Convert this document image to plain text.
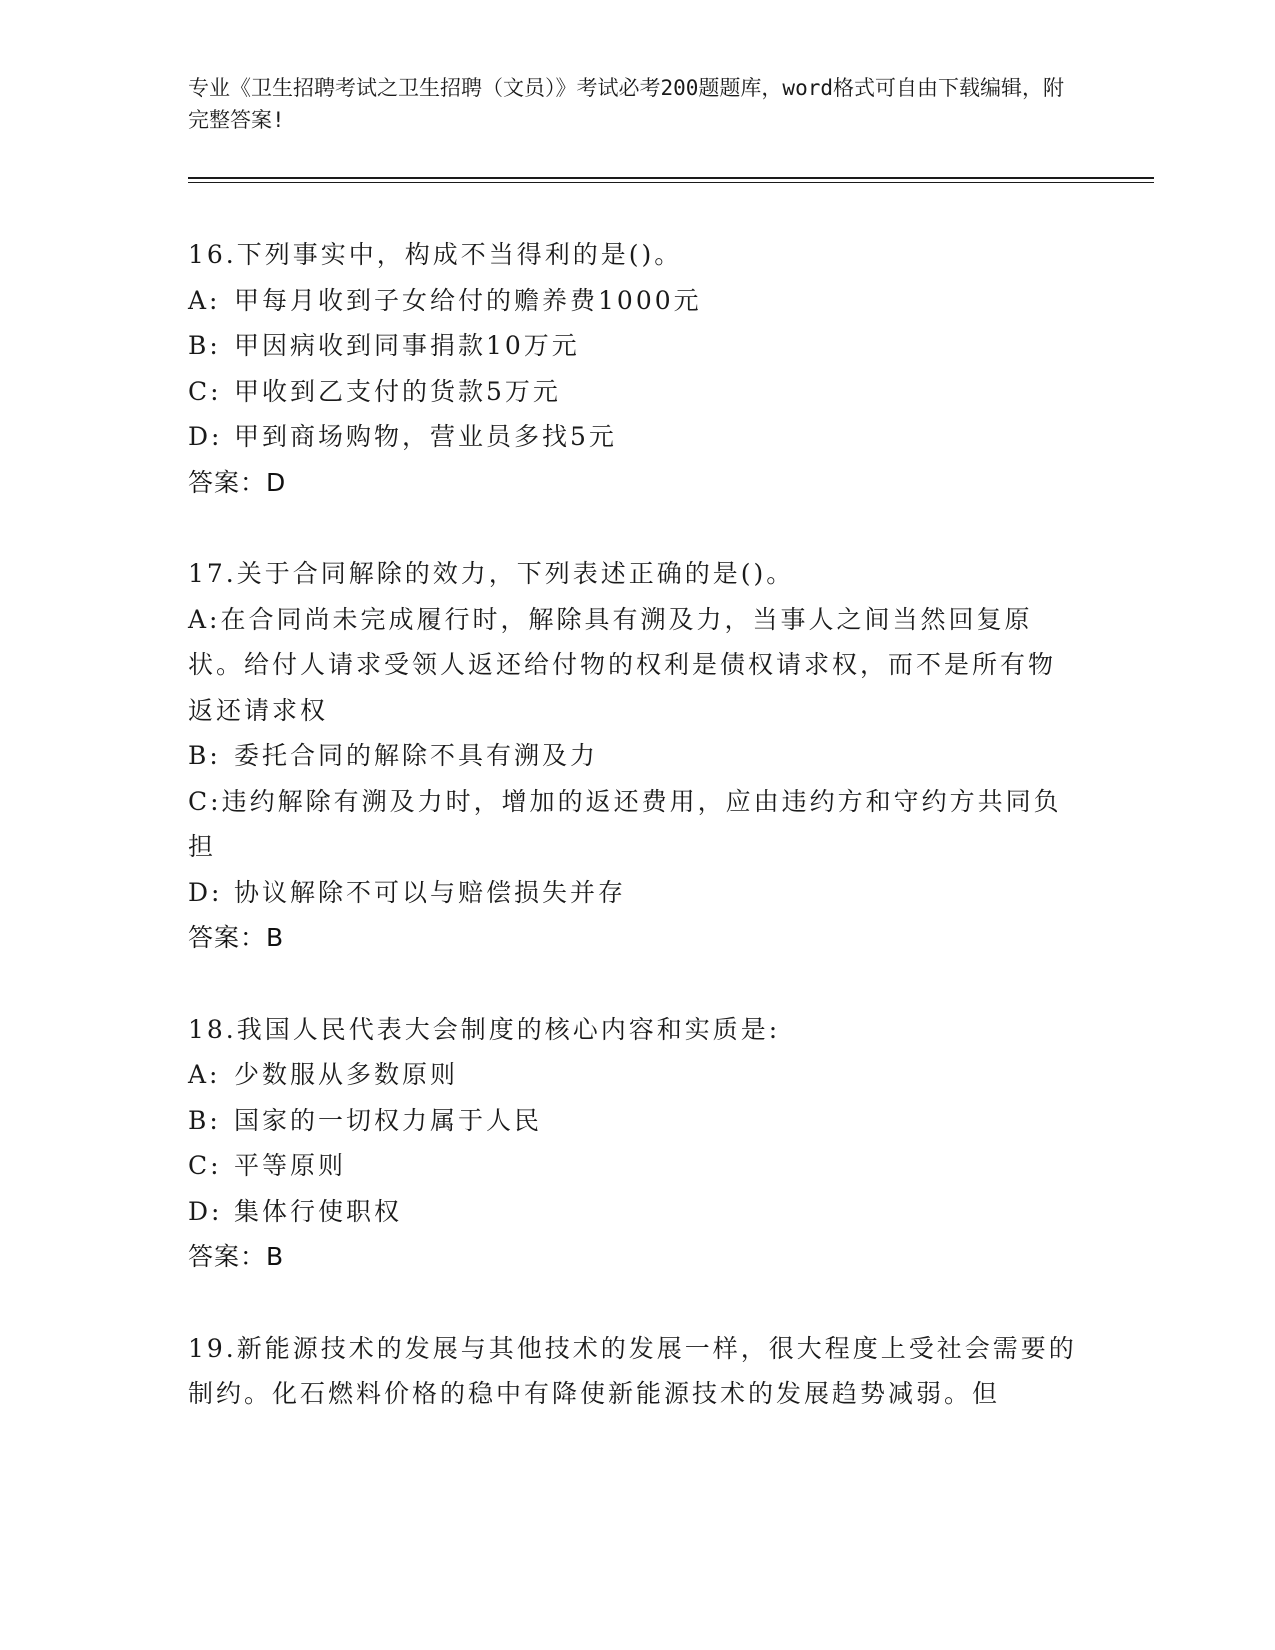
专业《卫生招聘考试之卫生招聘（文员）》考试必考200题题库，word格式可自由下载编辑，附完整答案!
16.下列事实中，构成不当得利的是()。
A: 甲每月收到子女给付的赡养费1000元
B: 甲因病收到同事捐款10万元
C: 甲收到乙支付的货款5万元
D: 甲到商场购物，营业员多找5元
答案：D
17.关于合同解除的效力，下列表述正确的是()。
A:在合同尚未完成履行时，解除具有溯及力，当事人之间当然回复原状。给付人请求受领人返还给付物的权利是债权请求权，而不是所有物返还请求权
B: 委托合同的解除不具有溯及力
C:违约解除有溯及力时，增加的返还费用，应由违约方和守约方共同负担
D: 协议解除不可以与赔偿损失并存
答案：B
18.我国人民代表大会制度的核心内容和实质是:
A: 少数服从多数原则
B: 国家的一切权力属于人民
C: 平等原则
D: 集体行使职权
答案：B
19.新能源技术的发展与其他技术的发展一样，很大程度上受社会需要的制约。化石燃料价格的稳中有降使新能源技术的发展趋势减弱。但
